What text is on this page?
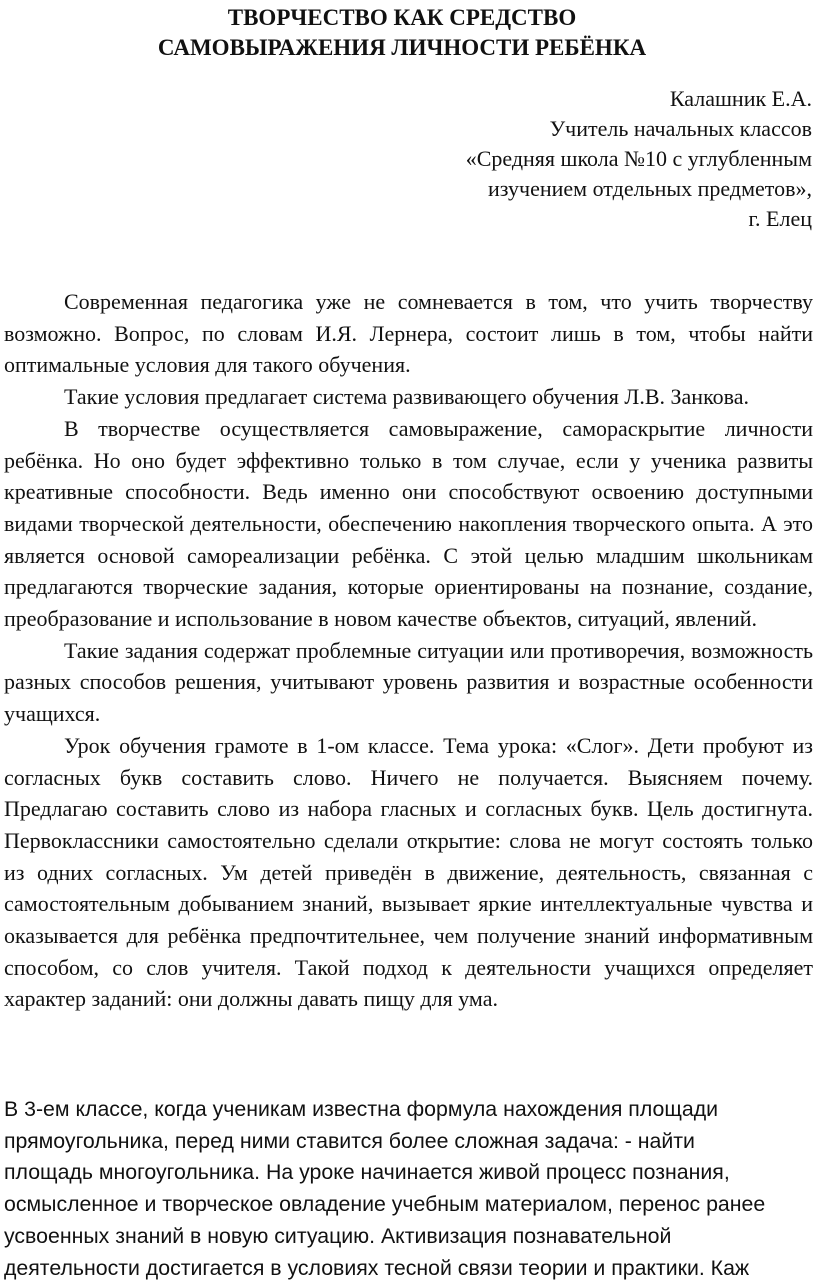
ТВОРЧЕСТВО КАК СРЕДСТВО
САМОВЫРАЖЕНИЯ ЛИЧНОСТИ РЕБЁНКА
Калашник Е.А.
Учитель начальных классов
«Средняя школа №10 с углубленным
изучением отдельных предметов»,
г. Елец

Современная педагогика уже не сомневается в том, что учить творчеству возможно. Вопрос, по словам И.Я. Лернера, состоит лишь в том, чтобы найти оптимальные условия для такого обучения.

Такие условия предлагает система развивающего обучения Л.В. Занкова.

В творчестве осуществляется самовыражение, самораскрытие личности ребёнка. Но оно будет эффективно только в том случае, если у ученика развиты креативные способности. Ведь именно они способствуют освоению доступными видами творческой деятельности, обеспечению накопления творческого опыта. А это является основой самореализации ребёнка. С этой целью младшим школьникам предлагаются творческие задания, которые ориентированы на познание, создание, преобразование и использование в новом качестве объектов, ситуаций, явлений.

Такие задания содержат проблемные ситуации или противоречия, возможность разных способов решения, учитывают уровень развития и возрастные особенности учащихся.

Урок обучения грамоте в 1-ом классе. Тема урока: «Слог». Дети пробуют из согласных букв составить слово. Ничего не получается. Выясняем почему. Предлагаю составить слово из набора гласных и согласных букв. Цель достигнута. Первоклассники самостоятельно сделали открытие: слова не могут состоять только из одних согласных. Ум детей приведён в движение, деятельность, связанная с самостоятельным добыванием знаний, вызывает яркие интеллектуальные чувства и оказывается для ребёнка предпочтительнее, чем получение знаний информативным способом, со слов учителя. Такой подход к деятельности учащихся определяет характер заданий: они должны давать пищу для ума.

В 3-ем классе, когда ученикам известна формула нахождения площади
прямоугольника, перед ними ставится более сложная задача: - найти
площадь многоугольника. На уроке начинается живой процесс познания,
осмысленное и творческое овладение учебным материалом, перенос ранее
усвоенных знаний в новую ситуацию. Активизация познавательной
деятельности достигается в условиях тесной связи теории и практики. Каж
